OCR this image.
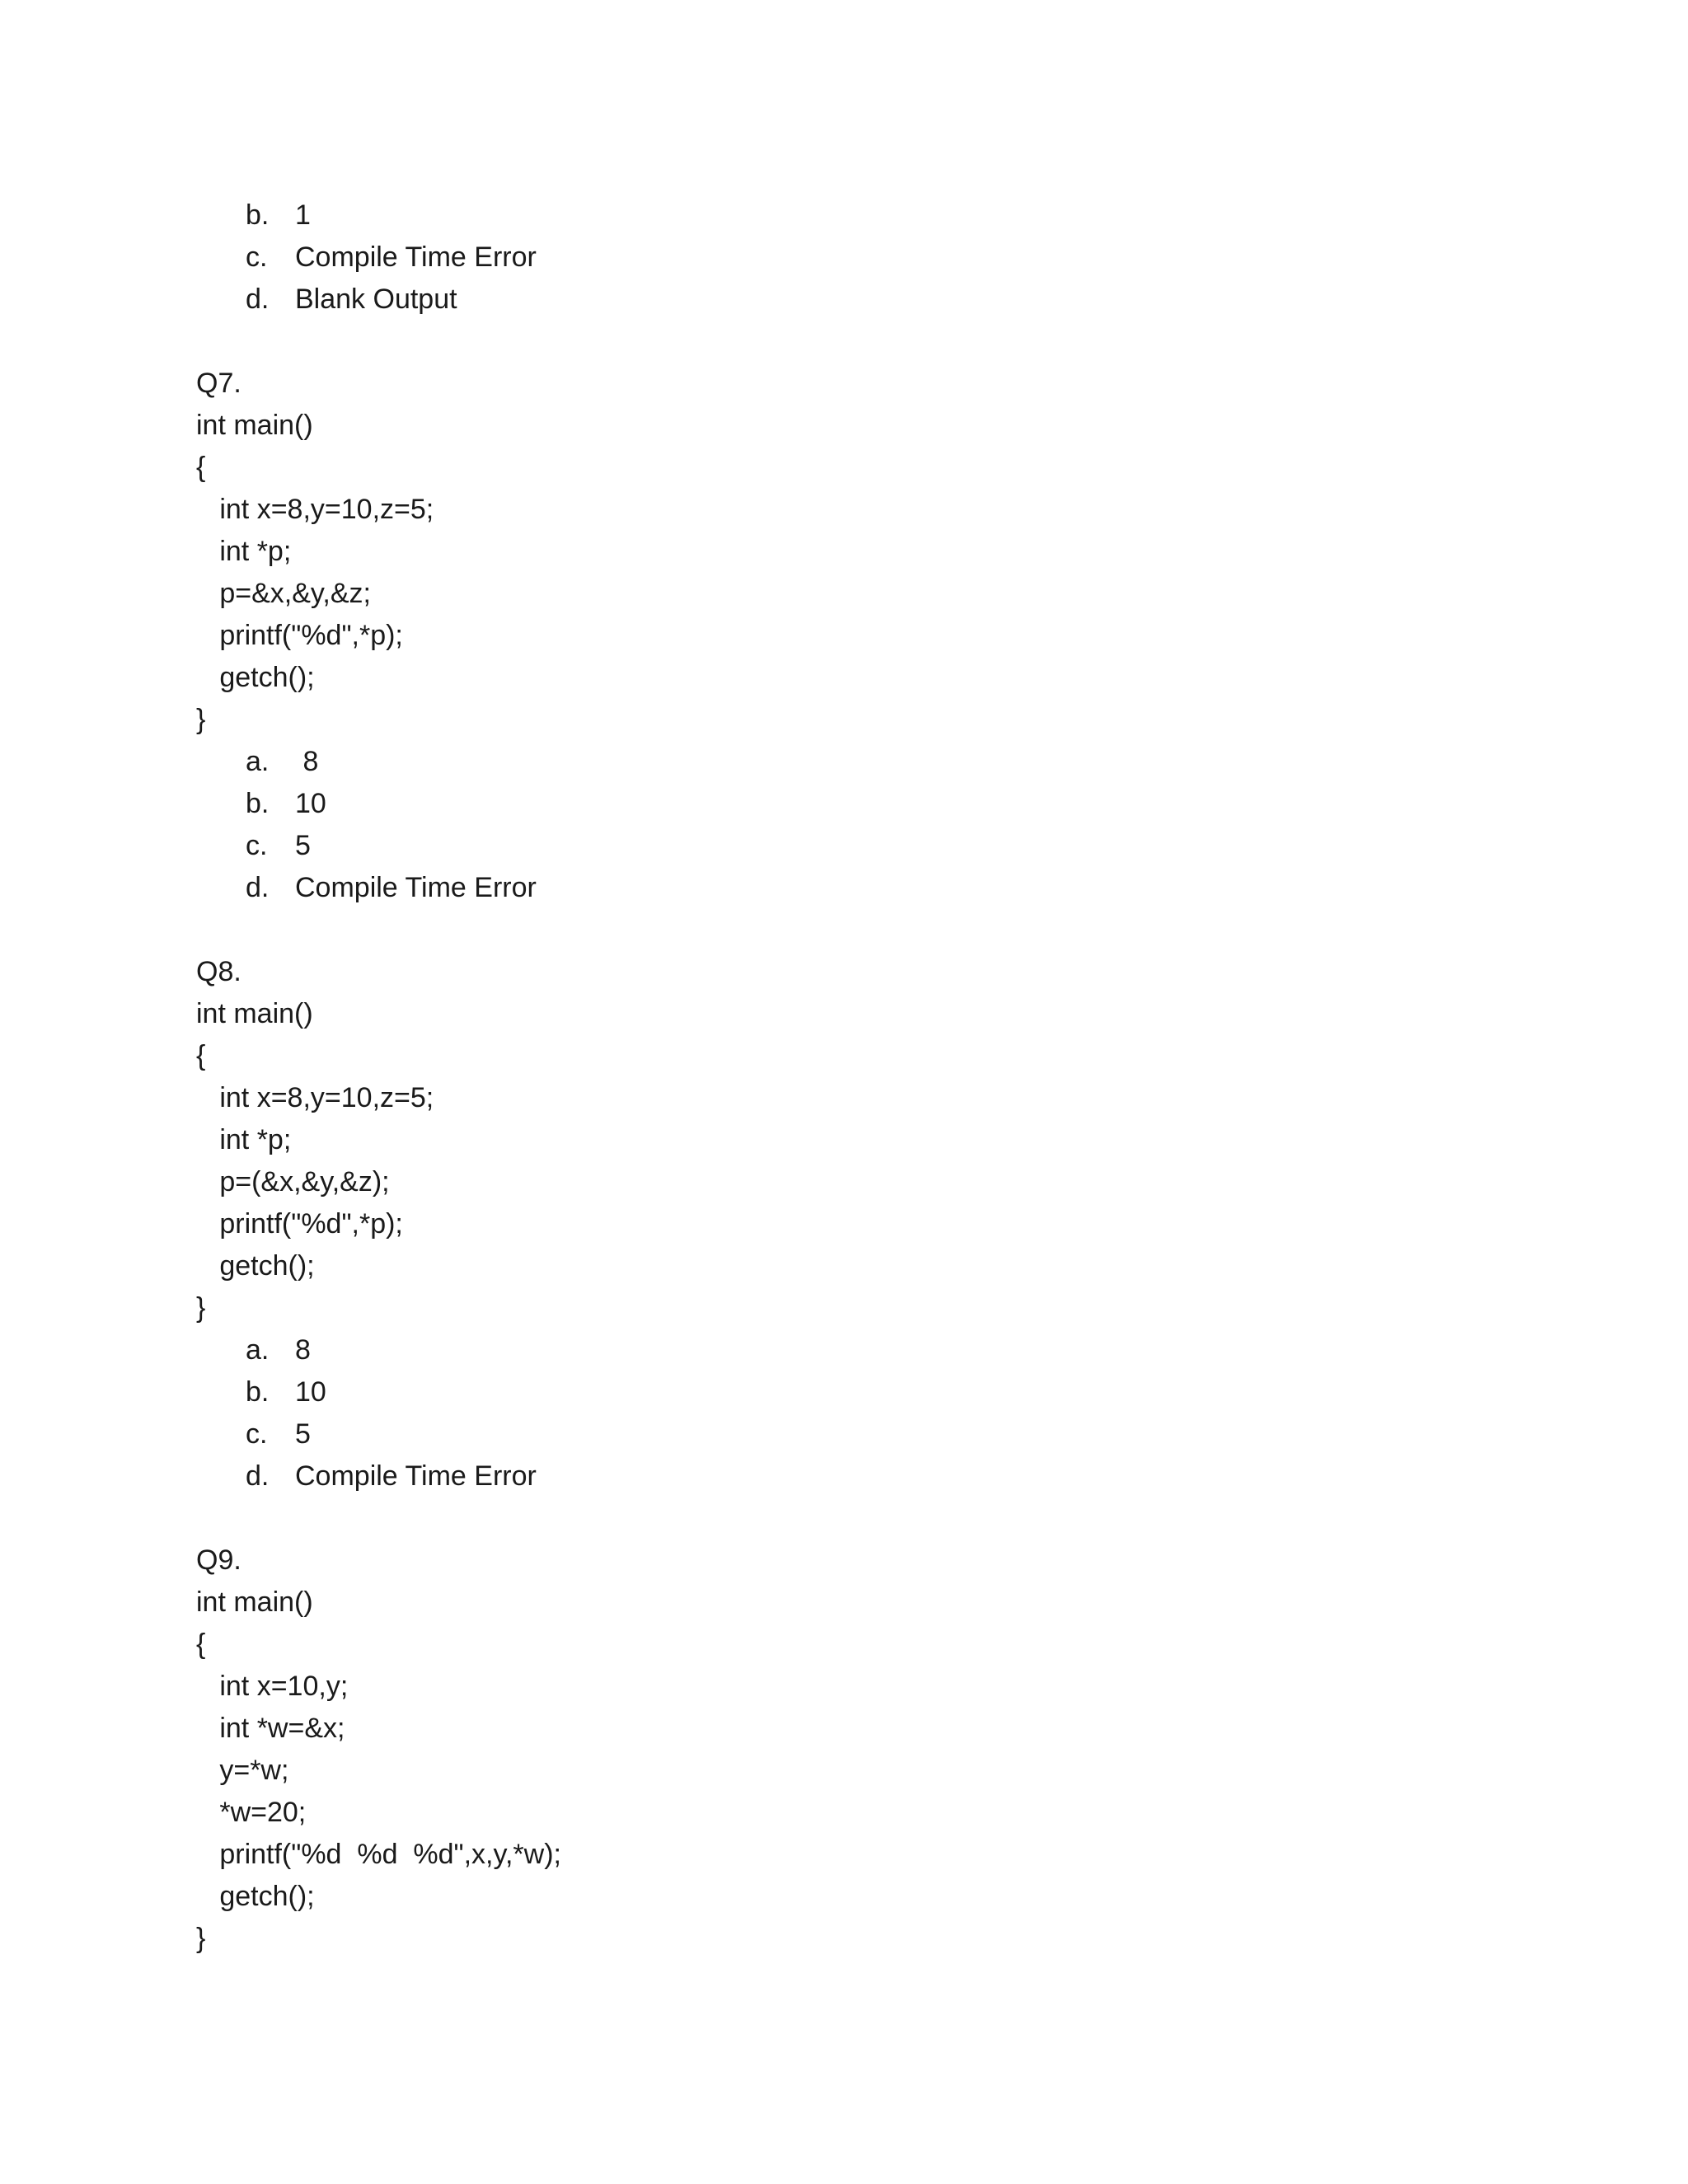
b.

1

c.

Compile Time Error

d.

Blank Output

Q7.
int main()
{
int x=8,y=10,z=5;
int *p;
p=&x,&y,&z;
printf("%d",*p);
getch();
}

a.

8

b.

10

c.

5

d.

Compile Time Error

Q8.
int main()
{
int x=8,y=10,z=5;
int *p;
p=(&x,&y,&z);
printf("%d",*p);
getch();
}

a.

8

b.

10

c.

5

d.

Compile Time Error

Q9.
int main()
{
int x=10,y;
int *w=&x;
y=*w;
*w=20;
printf("%d  %d  %d",x,y,*w);
getch();
}
